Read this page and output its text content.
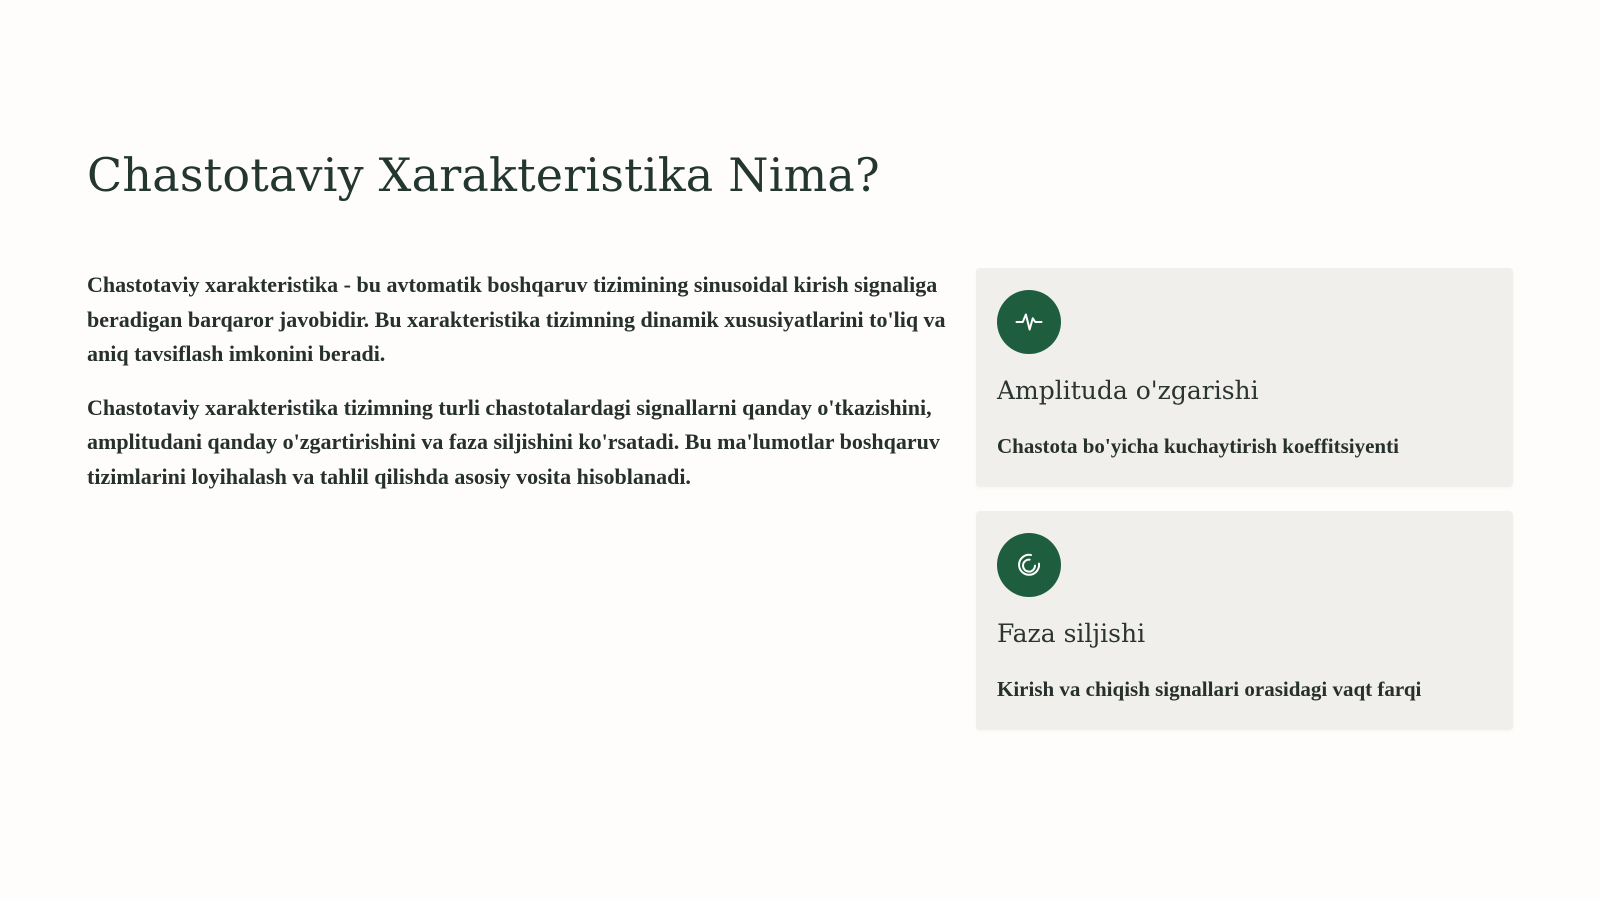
Chastotaviy Xarakteristika Nima?

Chastotaviy xarakteristika - bu avtomatik boshqaruv tizimining sinusoidal kirish signaliga beradigan barqaror javobidir. Bu xarakteristika tizimning dinamik xususiyatlarini to'liq va aniq tavsiflash imkonini beradi.

Chastotaviy xarakteristika tizimning turli chastotalardagi signallarni qanday o'tkazishini, amplitudani qanday o'zgartirishini va faza siljishini ko'rsatadi. Bu ma'lumotlar boshqaruv tizimlarini loyihalash va tahlil qilishda asosiy vosita hisoblanadi.

Amplituda o'zgarishi
Chastota bo'yicha kuchaytirish koeffitsiyenti
Faza siljishi
Kirish va chiqish signallari orasidagi vaqt farqi
